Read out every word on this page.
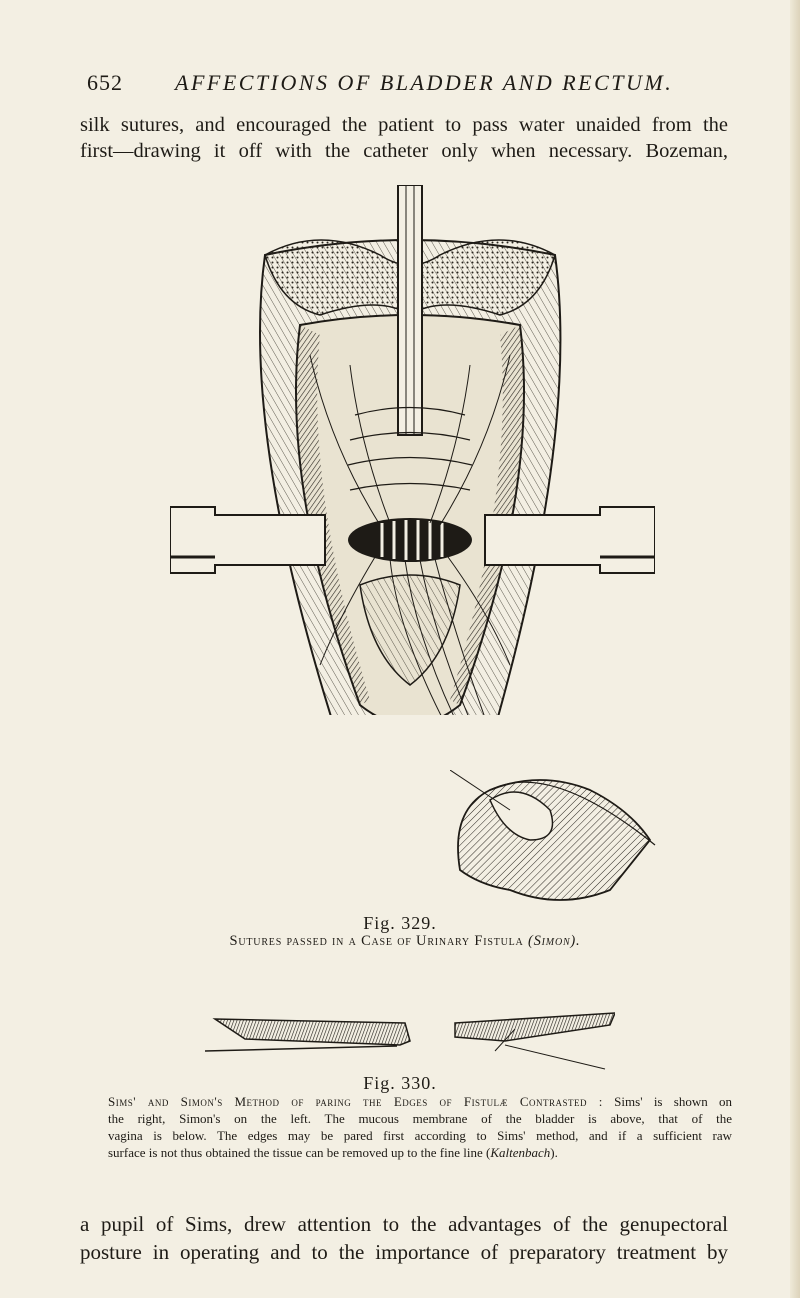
652 AFFECTIONS OF BLADDER AND RECTUM.
silk sutures, and encouraged the patient to pass water unaided from the
first—drawing it off with the catheter only when necessary. Bozeman,
Fig. 329.
Sutures passed in a Case of Urinary Fistula (Simon).
Fig. 330.
Sims' and Simon's Method of paring the Edges of Fistulæ Contrasted : Sims' is shown on
the right, Simon's on the left. The mucous membrane of the bladder is above, that of the
vagina is below. The edges may be pared first according to Sims' method, and if a sufficient raw
surface is not thus obtained the tissue can be removed up to the fine line (Kaltenbach).
a pupil of Sims, drew attention to the advantages of the genupectoral
posture in operating and to the importance of preparatory treatment by
